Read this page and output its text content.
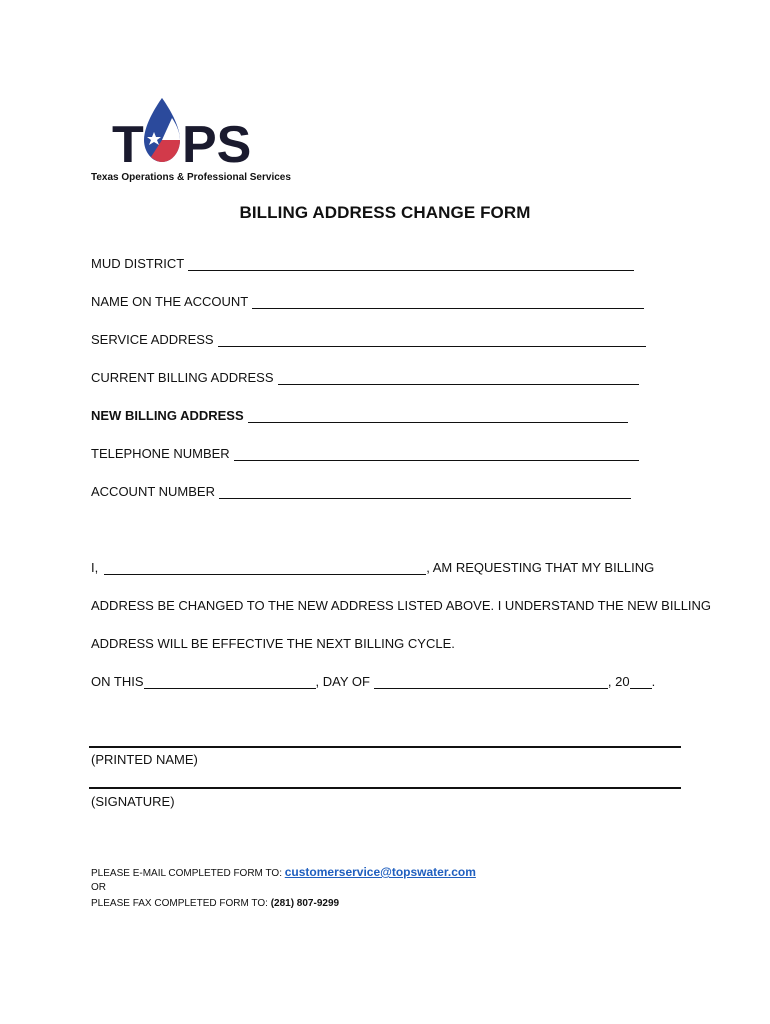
T PS
Texas Operations & Professional Services
BILLING ADDRESS CHANGE FORM
MUD DISTRICT
NAME ON THE ACCOUNT
SERVICE ADDRESS
CURRENT BILLING ADDRESS
NEW BILLING ADDRESS
TELEPHONE NUMBER
ACCOUNT NUMBER
I,	, AM REQUESTING THAT MY BILLING
ADDRESS BE CHANGED TO THE NEW ADDRESS LISTED ABOVE. I UNDERSTAND THE NEW BILLING
ADDRESS WILL BE EFFECTIVE THE NEXT BILLING CYCLE.
ON THIS	, DAY OF	, 20 .
(PRINTED NAME)
(SIGNATURE)
PLEASE E-MAIL COMPLETED FORM TO: customerservice@topswater.com
OR
PLEASE FAX COMPLETED FORM TO: (281) 807-9299
